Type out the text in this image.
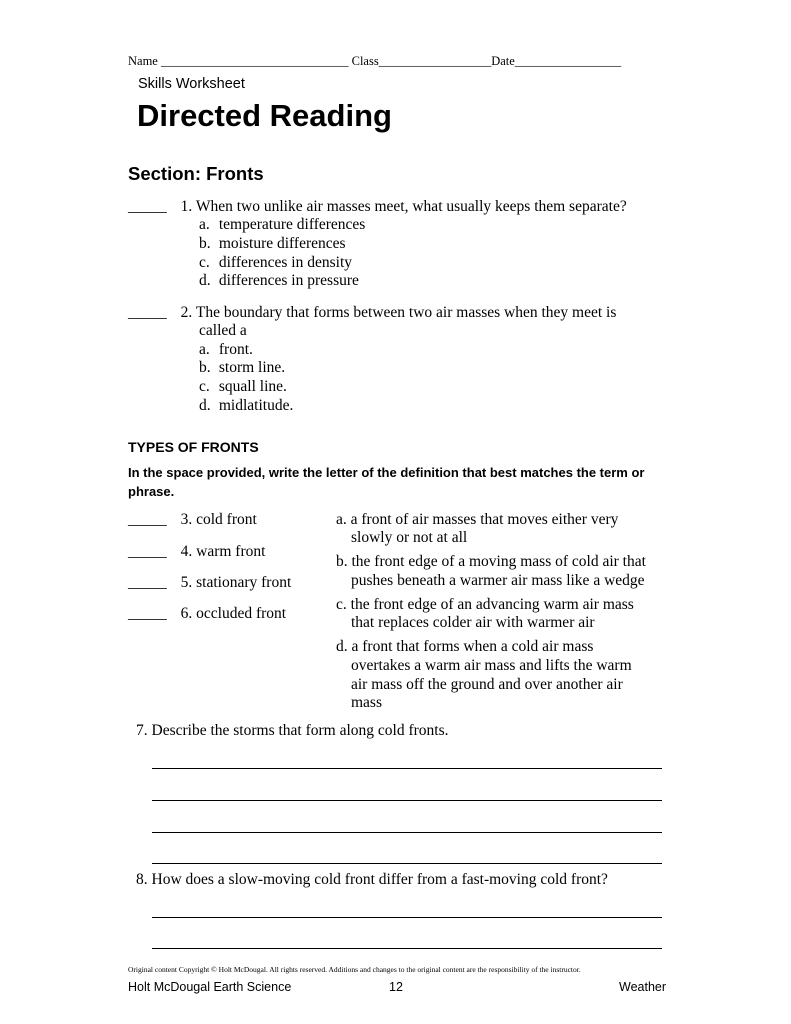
Name ______________________________ Class__________________Date_________________
Skills Worksheet
Directed Reading
Section: Fronts
_____ 1. When two unlike air masses meet, what usually keeps them separate?
a. temperature differences
b. moisture differences
c. differences in density
d. differences in pressure
_____ 2. The boundary that forms between two air masses when they meet is
called a
a. front.
b. storm line.
c. squall line.
d. midlatitude.
TYPES OF FRONTS
In the space provided, write the letter of the definition that best matches the term or phrase.
_____ 3. cold front
_____ 4. warm front
_____ 5. stationary front
_____ 6. occluded front
a. a front of air masses that moves either very
slowly or not at all
b. the front edge of a moving mass of cold air that
pushes beneath a warmer air mass like a wedge
c. the front edge of an advancing warm air mass
that replaces colder air with warmer air
d. a front that forms when a cold air mass
overtakes a warm air mass and lifts the warm
air mass off the ground and over another air
mass
7. Describe the storms that form along cold fronts.
8. How does a slow-moving cold front differ from a fast-moving cold front?
Original content Copyright © Holt McDougal. All rights reserved. Additions and changes to the original content are the responsibility of the instructor.
Holt McDougal Earth Science	12	Weather
